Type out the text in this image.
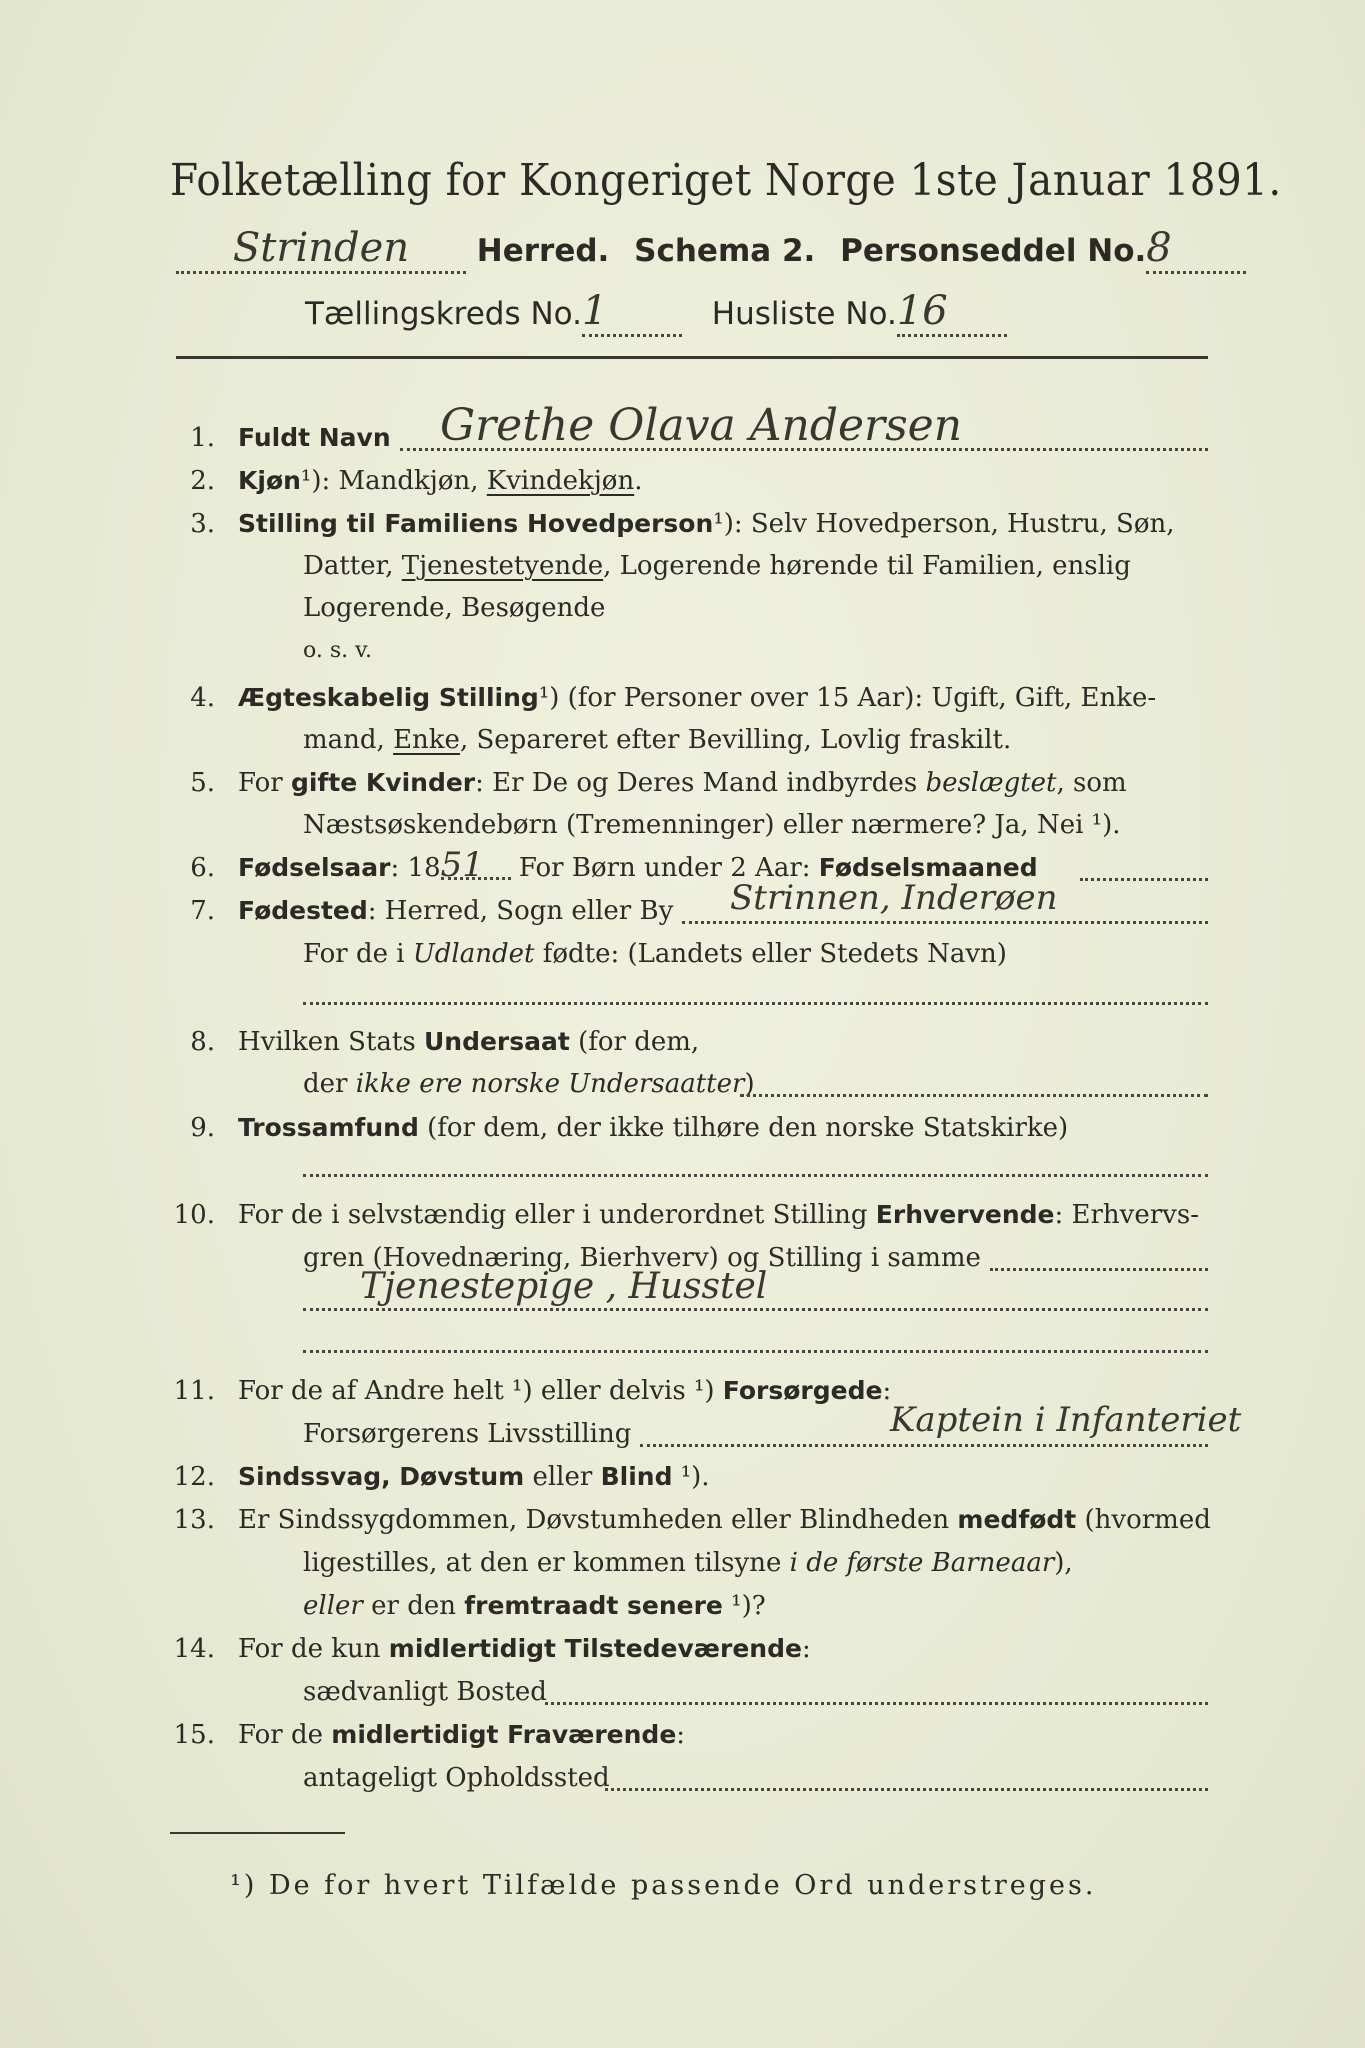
Folketælling for Kongeriget Norge 1ste Januar 1891.
Strinden Herred. Schema 2. Personseddel No.8
Tællingskreds No.1	Husliste No.16
1. Fuldt Navn Grethe Olava Andersen
2. Kjøn¹): Mandkjøn, Kvindekjøn.
3. Stilling til Familiens Hovedperson¹): Selv Hovedperson, Hustru, Søn,
Datter, Tjenestetyende, Logerende hørende til Familien, enslig
Logerende, Besøgende
o. s. v.
4. Ægteskabelig Stilling¹) (for Personer over 15 Aar): Ugift, Gift, Enke-
mand, Enke, Separeret efter Bevilling, Lovlig fraskilt.
5. For gifte Kvinder: Er De og Deres Mand indbyrdes beslægtet, som
Næstsøskendebørn (Tremenninger) eller nærmere? Ja, Nei ¹).
6. Fødselsaar: 1851 For Børn under 2 Aar: Fødselsmaaned
7. Fødested: Herred, Sogn eller By Strinnen, Inderøen
For de i Udlandet fødte: (Landets eller Stedets Navn)
8. Hvilken Stats Undersaat (for dem,
der ikke ere norske Undersaatter)
9. Trossamfund (for dem, der ikke tilhøre den norske Statskirke)
10. For de i selvstændig eller i underordnet Stilling Erhvervende: Erhvervs-
gren (Hovednæring, Bierhverv) og Stilling i samme
Tjenestepige , Husstel
11. For de af Andre helt ¹) eller delvis ¹) Forsørgede:
Forsørgerens Livsstilling	Kaptein i Infanteriet
12. Sindssvag, Døvstum eller Blind ¹).
13. Er Sindssygdommen, Døvstumheden eller Blindheden medfødt (hvormed
ligestilles, at den er kommen tilsyne i de første Barneaar),
eller er den fremtraadt senere ¹)?
14. For de kun midlertidigt Tilstedeværende:
sædvanligt Bosted
15. For de midlertidigt Fraværende:
antageligt Opholdssted
¹) De for hvert Tilfælde passende Ord understreges.
